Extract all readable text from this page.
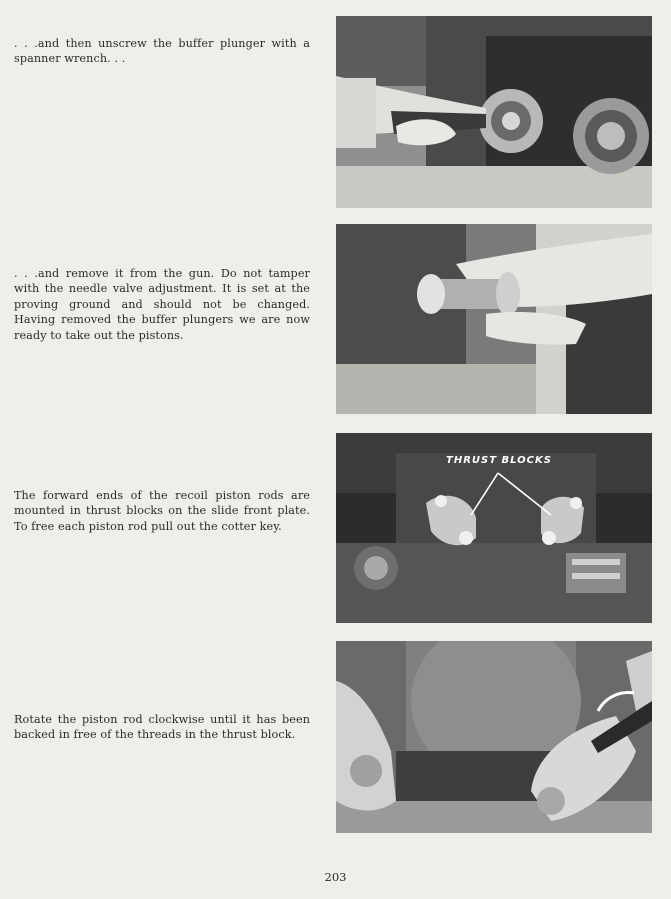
. . .and then unscrew the buffer plunger with a spanner wrench. . .

. . .and remove it from the gun. Do not tamper with the needle valve adjustment. It is set at the proving ground and should not be changed. Having removed the buffer plungers we are now ready to take out the pistons.

The forward ends of the recoil piston rods are mounted in thrust blocks on the slide front plate. To free each piston rod pull out the cotter key.

THRUST BLOCKS

Rotate the piston rod clockwise until it has been backed in free of the threads in the thrust block.

203
